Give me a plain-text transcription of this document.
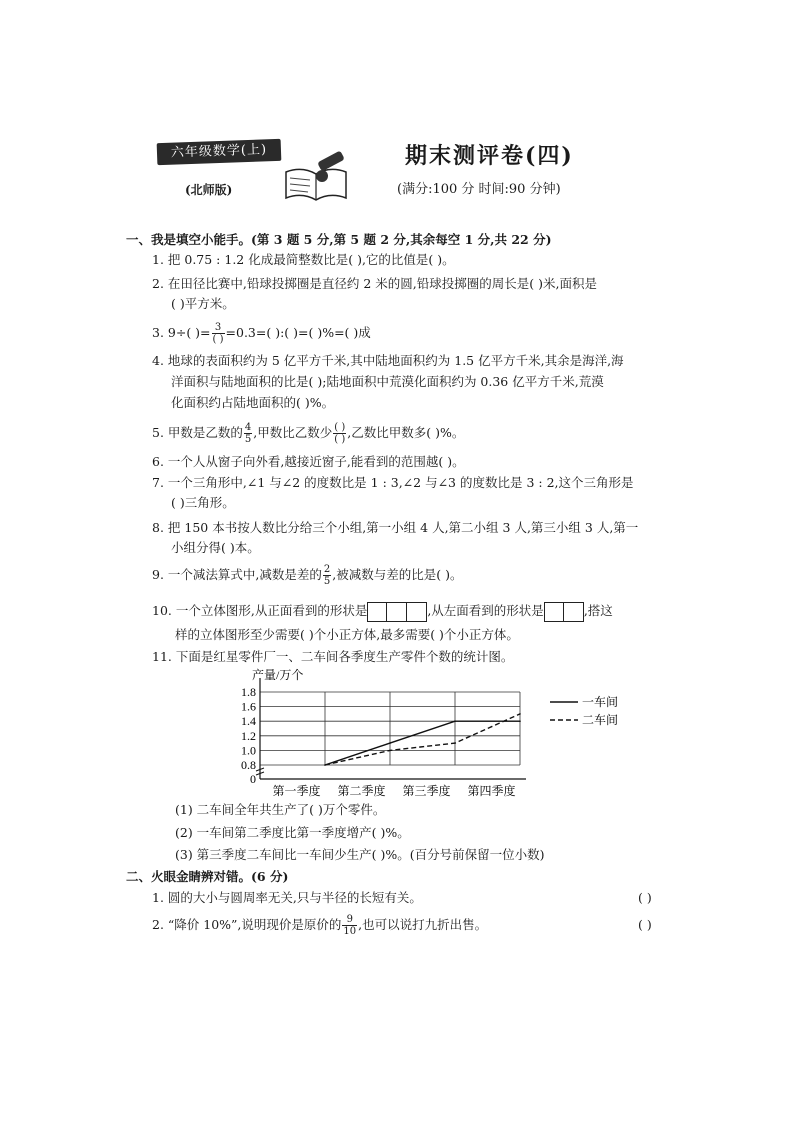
六年级数学(上)
(北师版)
期末测评卷(四)
(满分:100 分 时间:90 分钟)
一、我是填空小能手。(第 3 题 5 分,第 5 题 2 分,其余每空 1 分,共 22 分)
1. 把 0.75 : 1.2 化成最简整数比是( ),它的比值是( )。
2. 在田径比赛中,铅球投掷圈是直径约 2 米的圆,铅球投掷圈的周长是( )米,面积是
( )平方米。
3. 9÷( )= $\frac{3}{( )} =0.3=$( ):( )=( )%=( )成
4. 地球的表面积约为 5 亿平方千米,其中陆地面积约为 1.5 亿平方千米,其余是海洋,海
洋面积与陆地面积的比是( );陆地面积中荒漠化面积约为 0.36 亿平方千米,荒漠
化面积约占陆地面积的( )%。
5. 甲数是乙数的 $\frac{4}{5}$ ,甲数比乙数少 $\frac{( )}{( )}$ ,乙数比甲数多( )%。
6. 一个人从窗子向外看,越接近窗子,能看到的范围越( )。
7. 一个三角形中,∠1 与∠2 的度数比是 1 : 3,∠2 与∠3 的度数比是 3 : 2,这个三角形是
( )三角形。
8. 把 150 本书按人数比分给三个小组,第一小组 4 人,第二小组 3 人,第三小组 3 人,第一
小组分得( )本。
9. 一个减法算式中,减数是差的 $\frac{2}{5}$ ,被减数与差的比是( )。
10. 一个立体图形,从正面看到的形状是	,从左面看到的形状是	,搭这
样的立体图形至少需要( )个小正方体,最多需要( )个小正方体。
11. 下面是红星零件厂一、二车间各季度生产零件个数的统计图。
产量/万个
0
0.8
1.0
1.2
1.4
1.6
1.8
第一季度 第二季度 第三季度 第四季度
一车间
二车间
(1) 二车间全年共生产了( )万个零件。
(2) 一车间第二季度比第一季度增产( )%。
(3) 第三季度二车间比一车间少生产( )%。(百分号前保留一位小数)
二、火眼金睛辨对错。(6 分)
1. 圆的大小与圆周率无关,只与半径的长短有关。	( )
2. “降价 10%”,说明现价是原价的 $\frac{9}{10}$ ,也可以说打九折出售。	( )
